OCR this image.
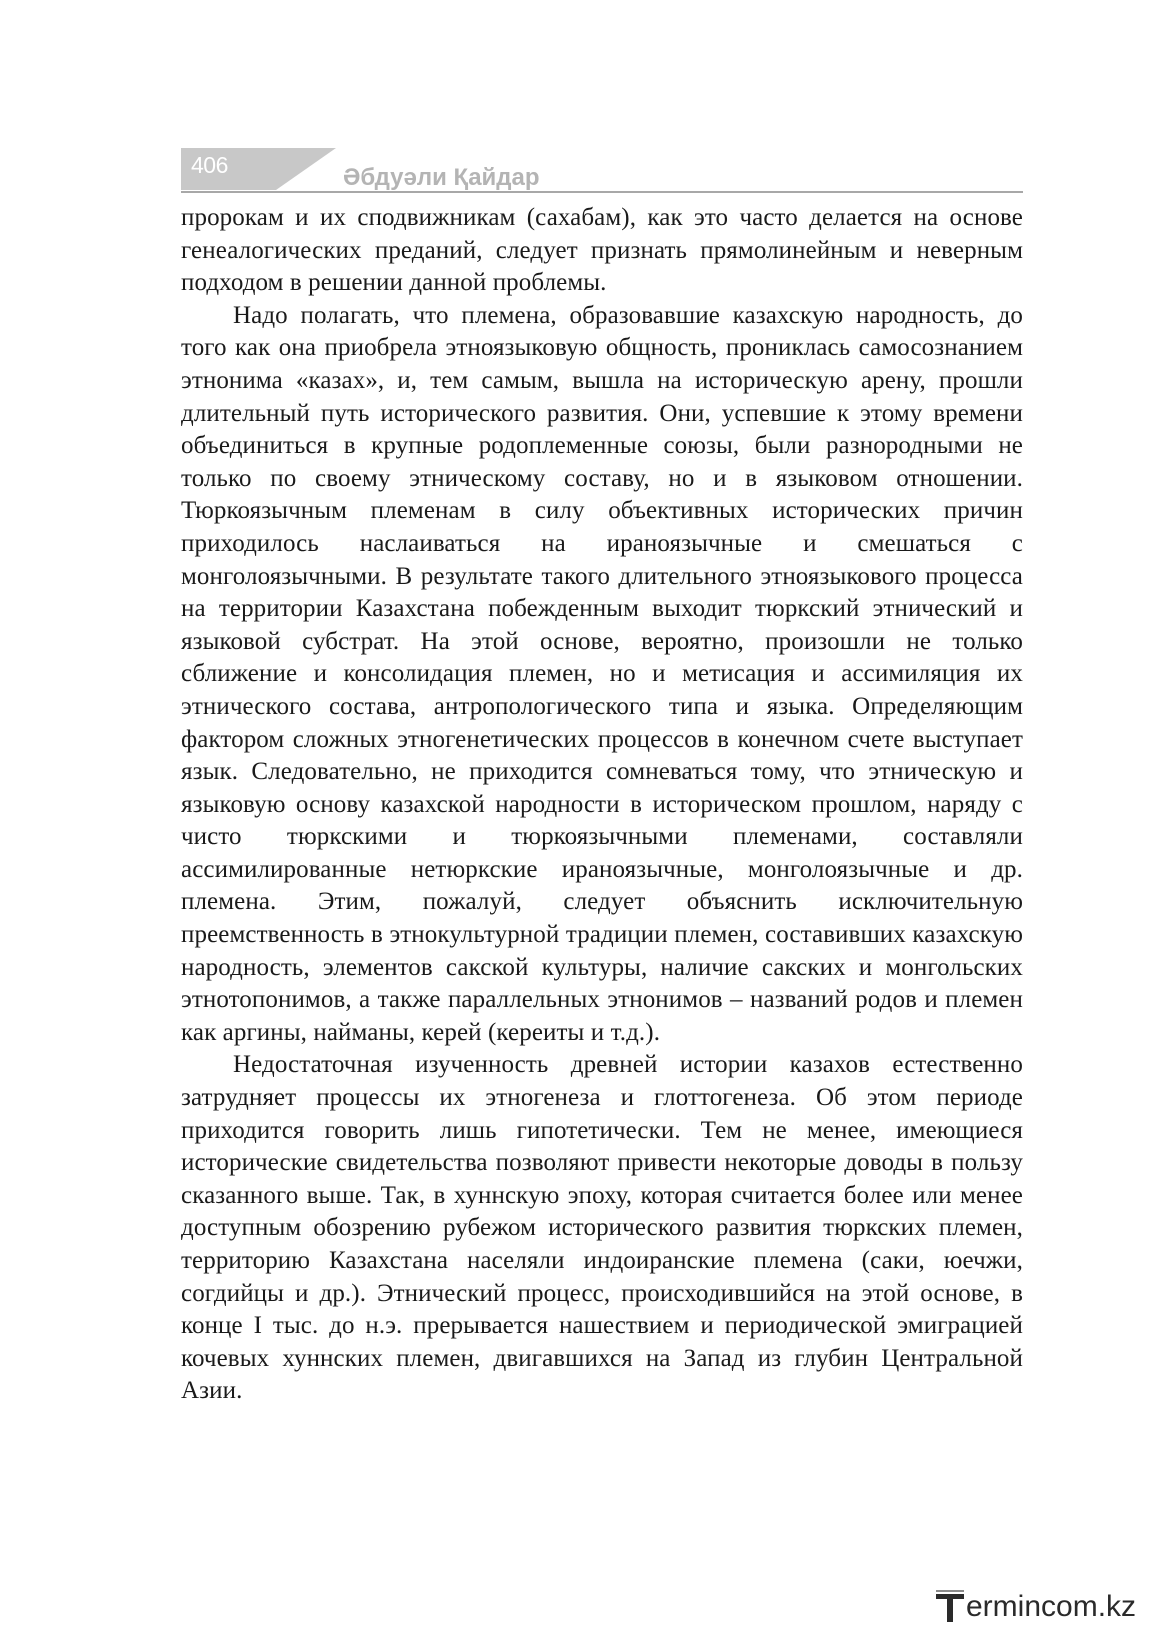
406	Әбдуәли Қайдар

пророкам и их сподвижникам (сахабам), как это часто делается на основе генеалогических преданий, следует признать прямолинейным и неверным подходом в решении данной проблемы.

Надо полагать, что племена, образовавшие казахскую народность, до того как она приобрела этноязыковую общность, прониклась самосознанием этнонима «казах», и, тем самым, вышла на историческую арену, прошли длительный путь исторического развития. Они, успевшие к этому времени объединиться в крупные родоплеменные союзы, были разнородными не только по своему этническому составу, но и в языковом отношении. Тюркоязычным племенам в силу объективных исторических причин приходилось наслаиваться на ираноязычные и смешаться с монголоязычными. В результате такого длительного этноязыкового процесса на территории Казахстана побежденным выходит тюркский этнический и языковой субстрат. На этой основе, вероятно, произошли не только сближение и консолидация племен, но и метисация и ассимиляция их этнического состава, антропологического типа и языка. Определяющим фактором сложных этногенетических процессов в конечном счете выступает язык. Следовательно, не приходится сомневаться тому, что этническую и языковую основу казахской народности в историческом прошлом, наряду с чисто тюркскими и тюркоязычными племенами, составляли ассимилированные нетюркские ираноязычные, монголоязычные и др. племена. Этим, пожалуй, следует объяснить исключительную преемственность в этнокультурной традиции племен, составивших казахскую народность, элементов сакской культуры, наличие сакских и монгольских этнотопонимов, а также параллельных этнонимов – названий родов и племен как аргины, найманы, керей (кереиты и т.д.).

Недостаточная изученность древней истории казахов естественно затрудняет процессы их этногенеза и глоттогенеза. Об этом периоде приходится говорить лишь гипотетически. Тем не менее, имеющиеся исторические свидетельства позволяют привести некоторые доводы в пользу сказанного выше. Так, в хуннскую эпоху, которая считается более или менее доступным обозрению рубежом исторического развития тюркских племен, территорию Казахстана населяли индоиранские племена (саки, юечжи, согдийцы и др.). Этнический процесс, происходившийся на этой основе, в конце I тыс. до н.э. прерывается нашествием и периодической эмиграцией кочевых хуннских племен, двигавшихся на Запад из глубин Центральной Азии.

ermincom.kz
